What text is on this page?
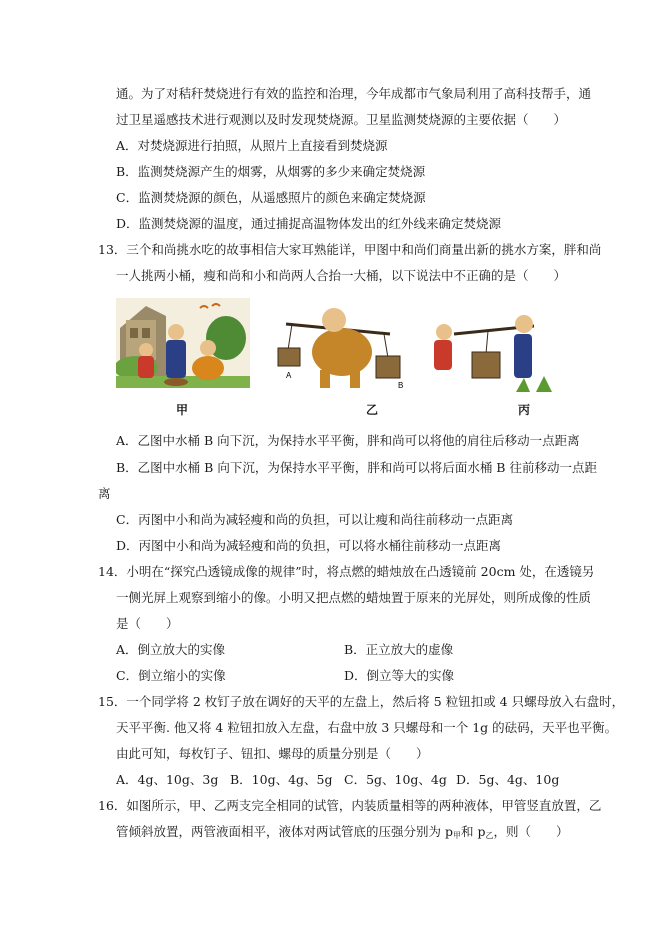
通。为了对秸秆焚烧进行有效的监控和治理，今年成都市气象局利用了高科技帮手，通
过卫星遥感技术进行观测以及时发现焚烧源。卫星监测焚烧源的主要依据（　　）
A．对焚烧源进行拍照，从照片上直接看到焚烧源
B．监测焚烧源产生的烟雾，从烟雾的多少来确定焚烧源
C．监测焚烧源的颜色，从遥感照片的颜色来确定焚烧源
D．监测焚烧源的温度，通过捕捉高温物体发出的红外线来确定焚烧源
13．三个和尚挑水吃的故事相信大家耳熟能详，甲图中和尚们商量出新的挑水方案，胖和尚
一人挑两小桶，瘦和尚和小和尚两人合抬一大桶，以下说法中不正确的是（　　）
甲
A
B
乙	丙
A．乙图中水桶 B 向下沉，为保持水平平衡，胖和尚可以将他的肩往后移动一点距离
B．乙图中水桶 B 向下沉，为保持水平平衡，胖和尚可以将后面水桶 B 往前移动一点距
离
C．丙图中小和尚为减轻瘦和尚的负担，可以让瘦和尚往前移动一点距离
D．丙图中小和尚为减轻瘦和尚的负担，可以将水桶往前移动一点距离
14．小明在“探究凸透镜成像的规律”时，将点燃的蜡烛放在凸透镜前 20cm 处，在透镜另
一侧光屏上观察到缩小的像。小明又把点燃的蜡烛置于原来的光屏处，则所成像的性质
是（　　）
A．倒立放大的实像	B．正立放大的虚像
C．倒立缩小的实像	D．倒立等大的实像
15．一个同学将 2 枚钉子放在调好的天平的左盘上，然后将 5 粒钮扣或 4 只螺母放入右盘时，
天平平衡. 他又将 4 粒钮扣放入左盘，右盘中放 3 只螺母和一个 1g 的砝码，天平也平衡。
由此可知，每枚钉子、钮扣、螺母的质量分别是（　　）
A．4g、10g、3g B．10g、4g、5g C．5g、10g、4g D．5g、4g、10g
16．如图所示，甲、乙两支完全相同的试管，内装质量相等的两种液体，甲管竖直放置，乙
管倾斜放置，两管液面相平，液体对两试管底的压强分别为 $p_甲$和 $p_乙$，则（　　）
